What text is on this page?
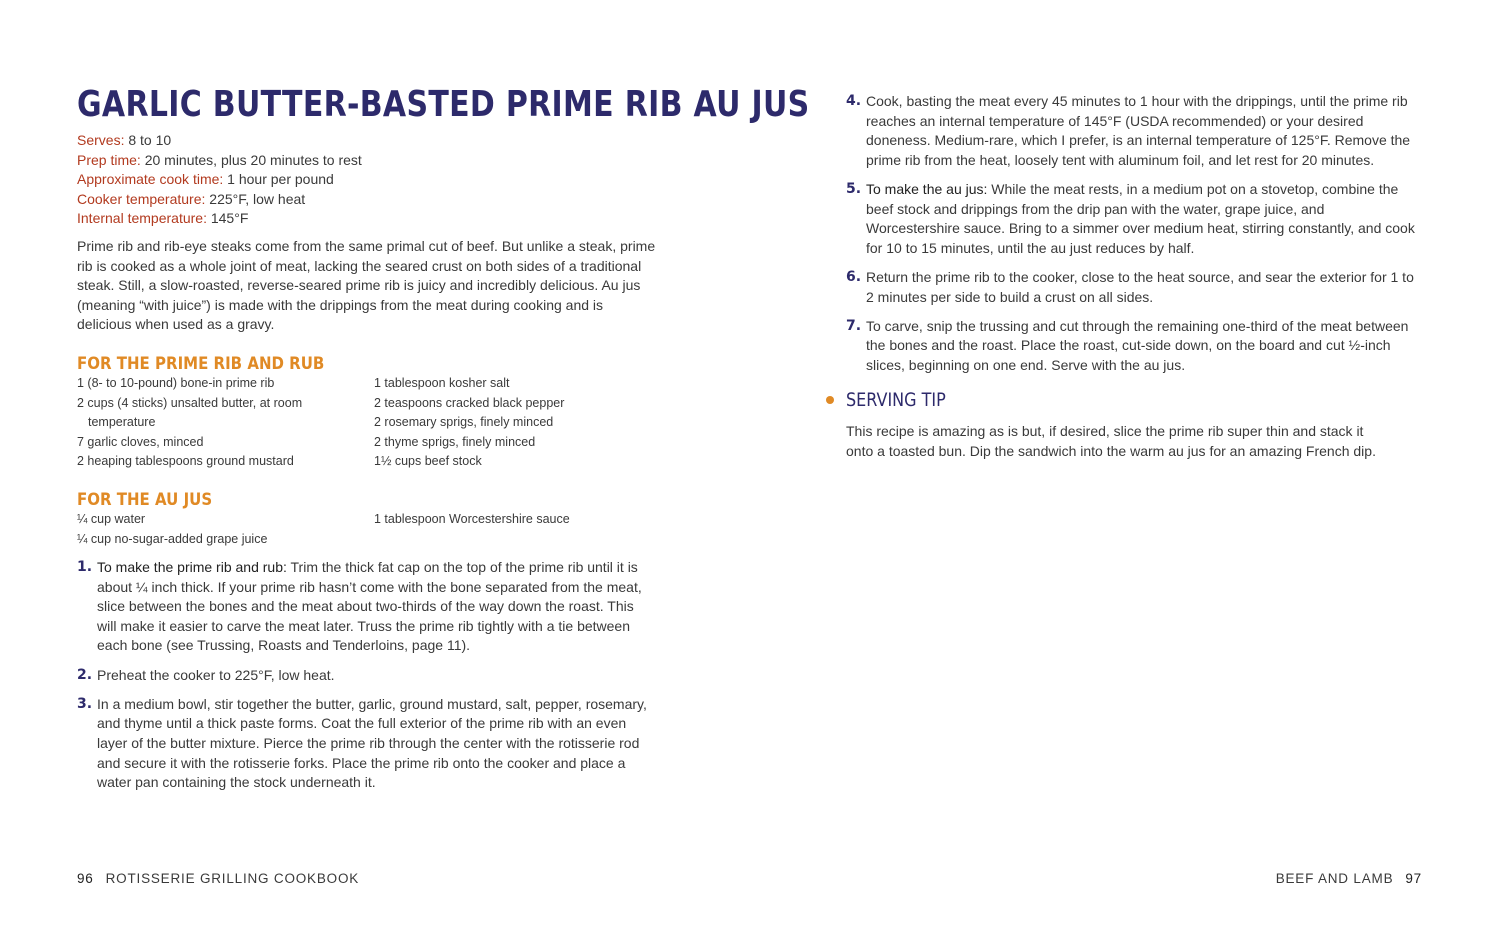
GARLIC BUTTER-BASTED PRIME RIB AU JUS
Serves: 8 to 10
Prep time: 20 minutes, plus 20 minutes to rest
Approximate cook time: 1 hour per pound
Cooker temperature: 225°F, low heat
Internal temperature: 145°F

Prime rib and rib-eye steaks come from the same primal cut of beef. But unlike a steak, prime rib is cooked as a whole joint of meat, lacking the seared crust on both sides of a traditional steak. Still, a slow-roasted, reverse-seared prime rib is juicy and incredibly delicious. Au jus (meaning “with juice”) is made with the drippings from the meat during cooking and is delicious when used as a gravy.

FOR THE PRIME RIB AND RUB
1 (8- to 10-pound) bone-in prime rib
2 cups (4 sticks) unsalted butter, at room
temperature
7 garlic cloves, minced
2 heaping tablespoons ground mustard
1 tablespoon kosher salt
2 teaspoons cracked black pepper
2 rosemary sprigs, finely minced
2 thyme sprigs, finely minced
1½ cups beef stock
FOR THE AU JUS
¼ cup water
¼ cup no-sugar-added grape juice
1 tablespoon Worcestershire sauce
1. To make the prime rib and rub: Trim the thick fat cap on the top of the prime rib until it is about ¼ inch thick. If your prime rib hasn’t come with the bone separated from the meat, slice between the bones and the meat about two-thirds of the way down the roast. This will make it easier to carve the meat later. Truss the prime rib tightly with a tie between each bone (see Trussing, Roasts and Tenderloins, page 11).
2. Preheat the cooker to 225°F, low heat.
3. In a medium bowl, stir together the butter, garlic, ground mustard, salt, pepper, rosemary, and thyme until a thick paste forms. Coat the full exterior of the prime rib with an even layer of the butter mixture. Pierce the prime rib through the center with the rotisserie rod and secure it with the rotisserie forks. Place the prime rib onto the cooker and place a water pan containing the stock underneath it.
96 ROTISSERIE GRILLING COOKBOOK
4. Cook, basting the meat every 45 minutes to 1 hour with the drippings, until the prime rib reaches an internal temperature of 145°F (USDA recommended) or your desired doneness. Medium-rare, which I prefer, is an internal temperature of 125°F. Remove the prime rib from the heat, loosely tent with aluminum foil, and let rest for 20 minutes.
5. To make the au jus: While the meat rests, in a medium pot on a stovetop, combine the beef stock and drippings from the drip pan with the water, grape juice, and Worcestershire sauce. Bring to a simmer over medium heat, stirring constantly, and cook for 10 to 15 minutes, until the au just reduces by half.
6. Return the prime rib to the cooker, close to the heat source, and sear the exterior for 1 to 2 minutes per side to build a crust on all sides.
7. To carve, snip the trussing and cut through the remaining one-third of the meat between the bones and the roast. Place the roast, cut-side down, on the board and cut ½-inch slices, beginning on one end. Serve with the au jus.
SERVING TIP

This recipe is amazing as is but, if desired, slice the prime rib super thin and stack it onto a toasted bun. Dip the sandwich into the warm au jus for an amazing French dip.

BEEF AND LAMB 97
